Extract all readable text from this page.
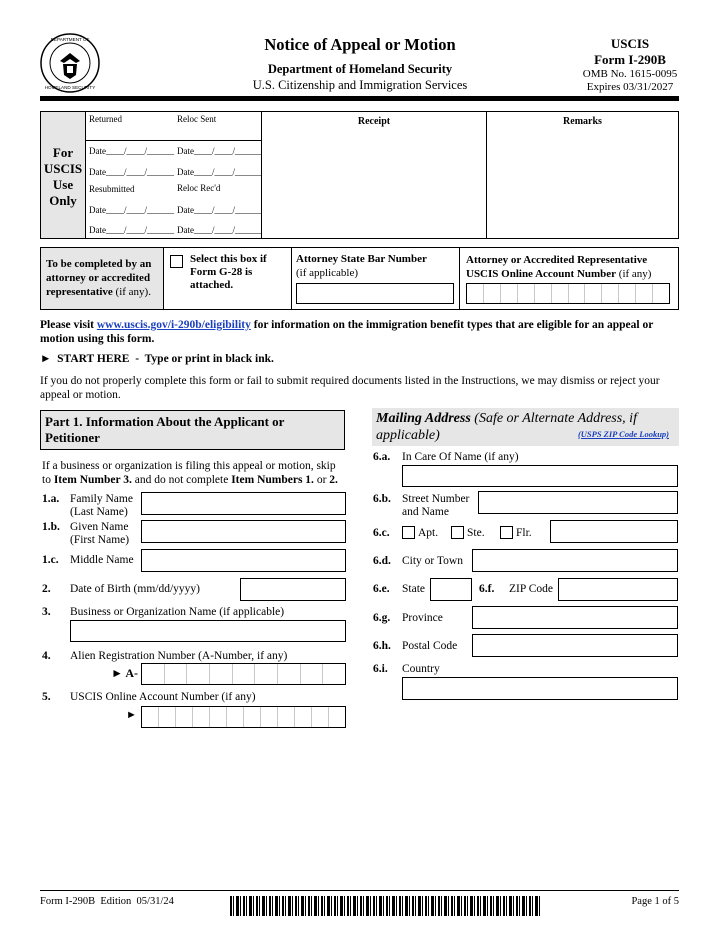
DEPARTMENT OF
HOMELAND SECURITY
Notice of Appeal or Motion
Department of Homeland Security
U.S. Citizenship and Immigration Services
USCIS
Form I-290B
OMB No. 1615-0095
Expires 03/31/2027
For
USCIS
Use
Only
Returned	Reloc Sent
Date____/____/______ Date____/____/______
Date____/____/______ Date____/____/______
Resubmitted	Reloc Rec'd
Date____/____/______ Date____/____/______
Date____/____/______ Date____/____/______
Receipt	Remarks
To be completed by an attorney or accredited representative (if any).
Select this box if Form G-28 is attached.
Attorney State Bar Number
(if applicable)
Attorney or Accredited Representative USCIS Online Account Number (if any)
Please visit www.uscis.gov/i-290b/eligibility for information on the immigration benefit types that are eligible for an appeal or motion using this form.
►  START HERE  -  Type or print in black ink.
If you do not properly complete this form or fail to submit required documents listed in the Instructions, we may dismiss or reject your appeal or motion.
Part 1. Information About the Applicant or Petitioner
If a business or organization is filing this appeal or motion, skip to Item Number 3. and do not complete Item Numbers 1. or 2.
1.a. Family Name (Last Name)
1.b. Given Name (First Name)
1.c. Middle Name
2. Date of Birth (mm/dd/yyyy)
3. Business or Organization Name (if applicable)
4. Alien Registration Number (A-Number, if any)
► A-
5. USCIS Online Account Number (if any)
►
Mailing Address (Safe or Alternate Address, if applicable)	(USPS ZIP Code Lookup)
6.a. In Care Of Name (if any)
6.b. Street Number and Name
6.c. Apt.	Ste.	Flr.
6.d. City or Town
6.e. State	6.f. ZIP Code
6.g. Province
6.h. Postal Code
6.i. Country
Form I-290B  Edition  05/31/24	Page 1 of 5
